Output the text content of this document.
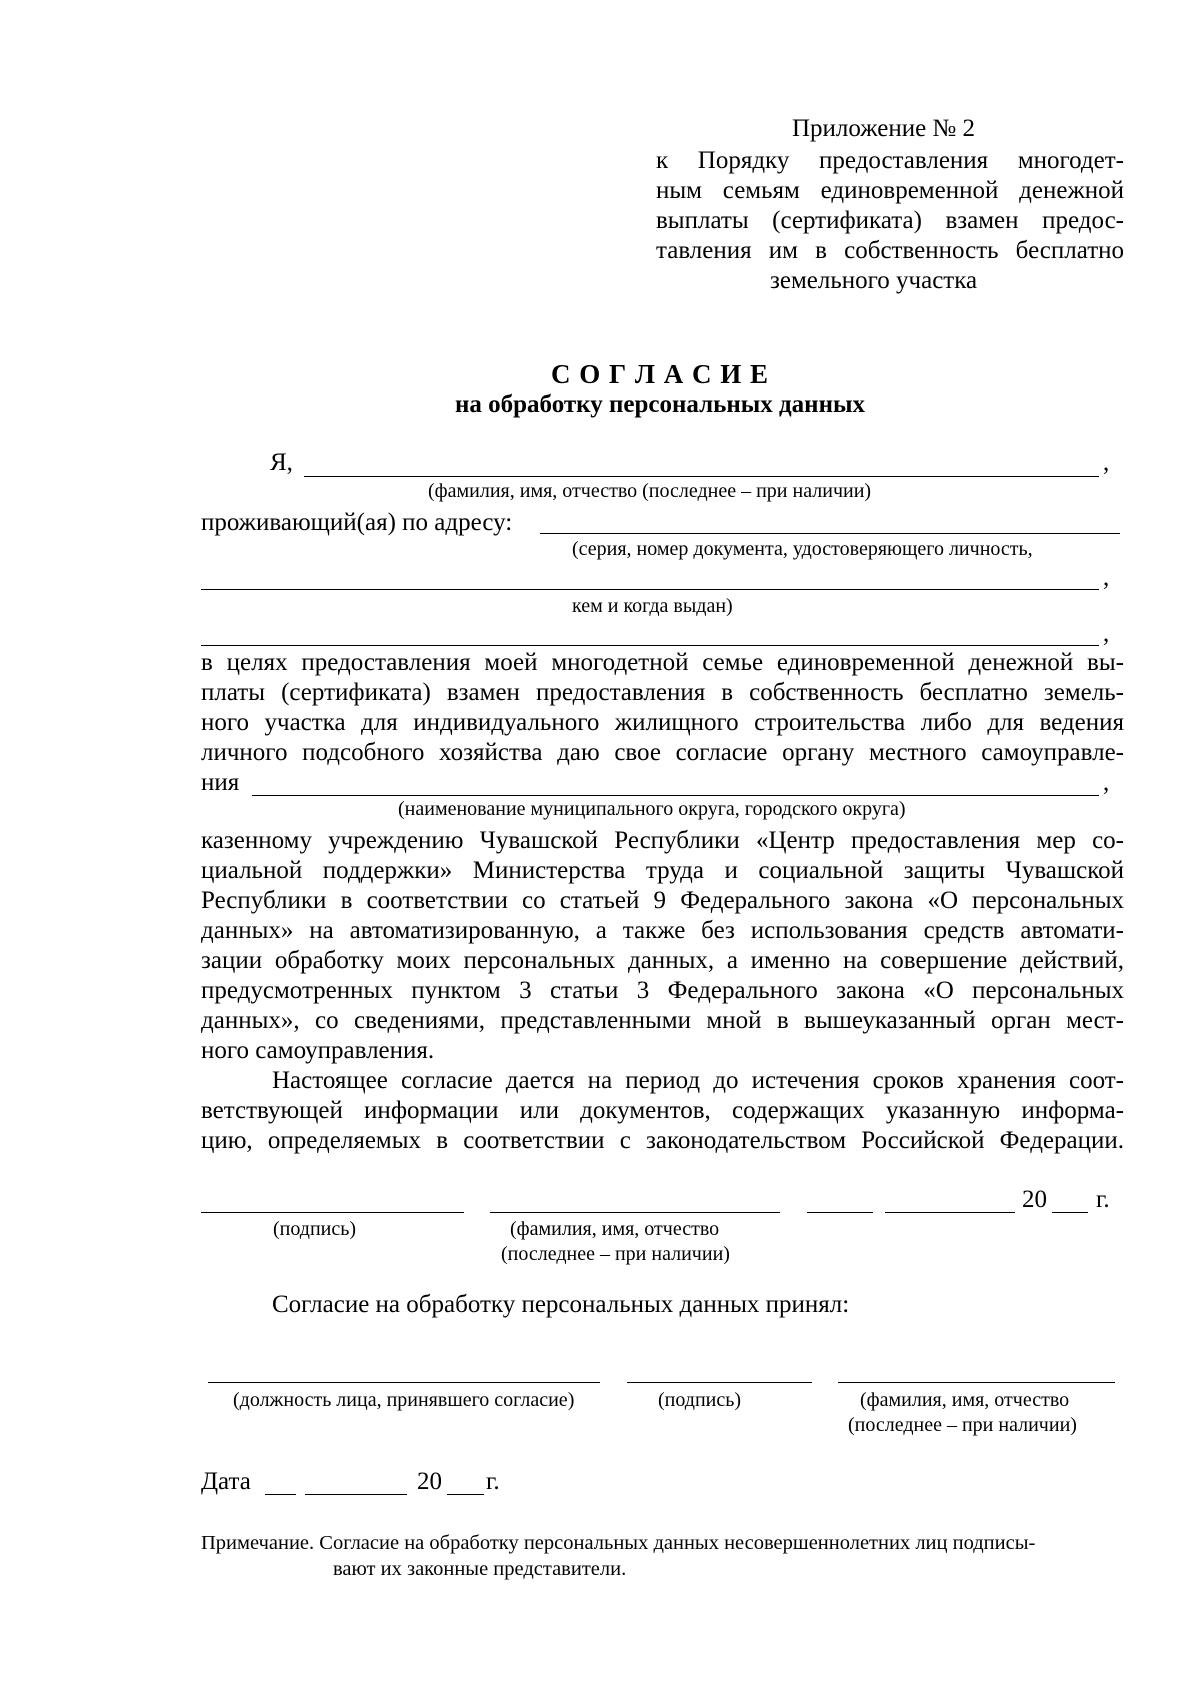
Приложение № 2
к Порядку предоставления многодет-
ным семьям единовременной денежной
выплаты (сертификата) взамен предос-
тавления им в собственность бесплатно
земельного участка
С О Г Л А С И Е
на обработку персональных данных
Я,	,
(фамилия, имя, отчество (последнее – при наличии)
проживающий(ая) по адресу:
(серия, номер документа, удостоверяющего личность,
,
кем и когда выдан)
,
в целях предоставления моей многодетной семье единовременной денежной вы-
платы (сертификата) взамен предоставления в собственность бесплатно земель-
ного участка для индивидуального жилищного строительства либо для ведения
личного подсобного хозяйства даю свое согласие органу местного самоуправле-
ния	,
(наименование муниципального округа, городского округа)
казенному учреждению Чувашской Республики «Центр предоставления мер со-
циальной поддержки» Министерства труда и социальной защиты Чувашской
Республики в соответствии со статьей 9 Федерального закона «О персональных
данных» на автоматизированную, а также без использования средств автомати-
зации обработку моих персональных данных, а именно на совершение действий,
предусмотренных пунктом 3 статьи 3 Федерального закона «О персональных
данных», со сведениями, представленными мной в вышеуказанный орган мест-
ного самоуправления.
Настоящее согласие дается на период до истечения сроков хранения соот-
ветствующей информации или документов, содержащих указанную информа-
цию, определяемых в соответствии с законодательством Российской Федерации.
20 г.
(подпись)	(фамилия, имя, отчество
(последнее – при наличии)
Согласие на обработку персональных данных принял:
(должность лица, принявшего согласие)	(подпись)	(фамилия, имя, отчество
(последнее – при наличии)
Дата	20 г.
Примечание. Согласие на обработку персональных данных несовершеннолетних лиц подписы-
вают их законные представители.
